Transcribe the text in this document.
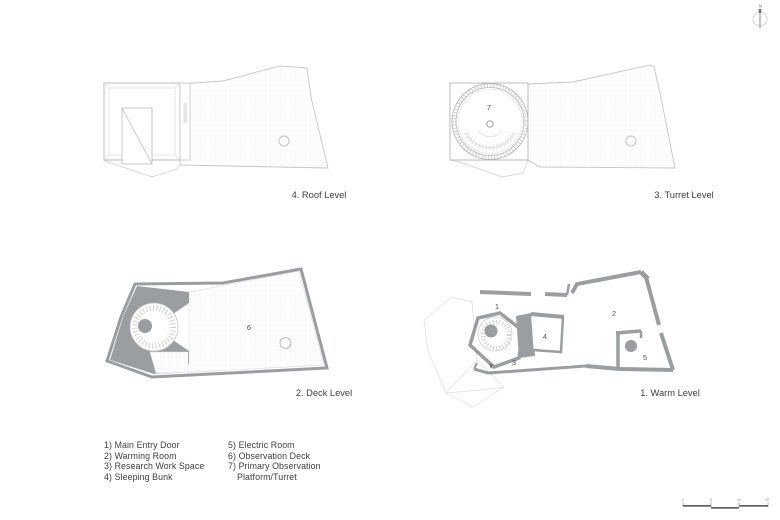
4. Roof Level
7
3. Turret Level
6
2. Deck Level
1
2
3
4
5
1. Warm Level
N
0	5	10	20
1) Main Entry Door
2) Warming Room
3) Research Work Space
4) Sleeping Bunk
5) Electric Room
6) Observation Deck
7) Primary Observation
Platform/Turret
